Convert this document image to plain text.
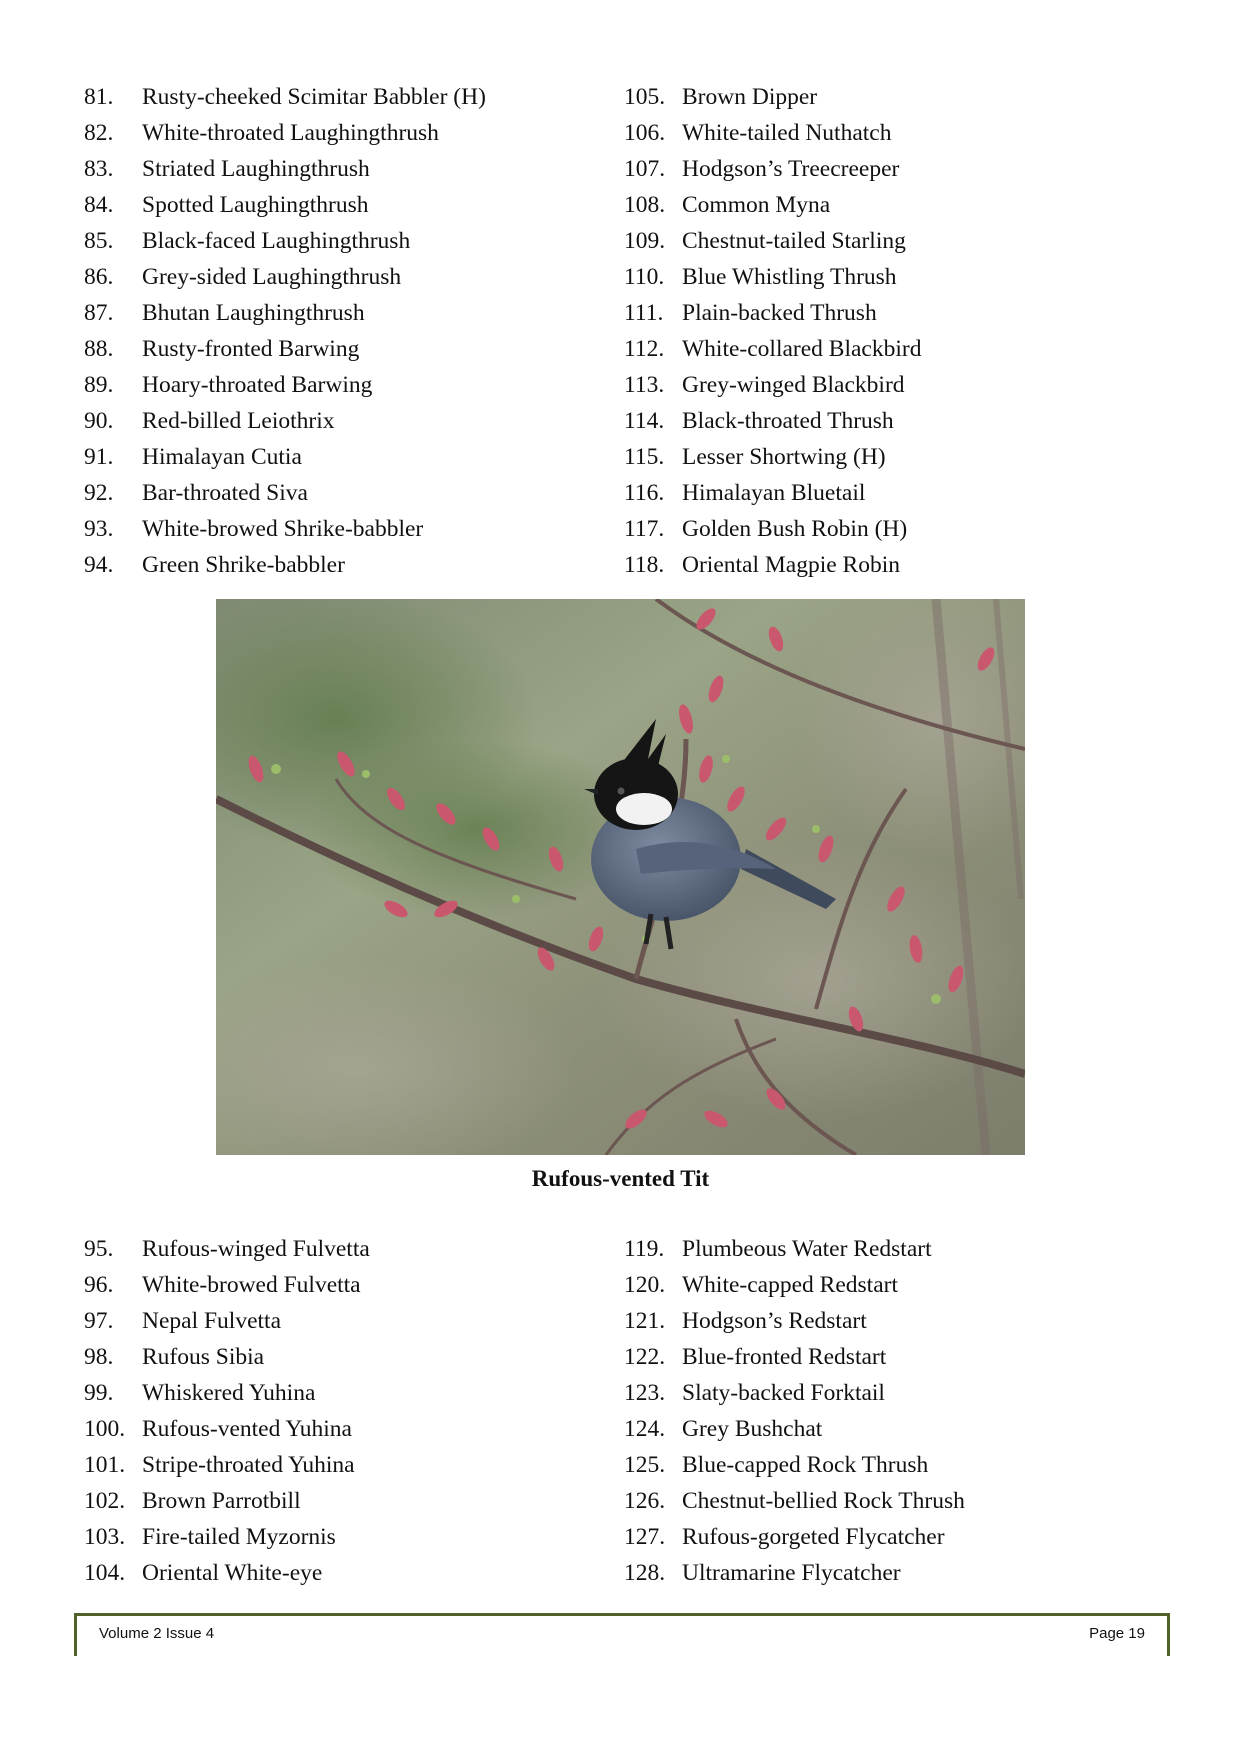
81. Rusty-cheeked Scimitar Babbler (H)
82. White-throated Laughingthrush
83. Striated Laughingthrush
84. Spotted Laughingthrush
85. Black-faced Laughingthrush
86. Grey-sided Laughingthrush
87. Bhutan Laughingthrush
88. Rusty-fronted Barwing
89. Hoary-throated Barwing
90. Red-billed Leiothrix
91. Himalayan Cutia
92. Bar-throated Siva
93. White-browed Shrike-babbler
94. Green Shrike-babbler
105. Brown Dipper
106. White-tailed Nuthatch
107. Hodgson’s Treecreeper
108. Common Myna
109. Chestnut-tailed Starling
110. Blue Whistling Thrush
111. Plain-backed Thrush
112. White-collared Blackbird
113. Grey-winged Blackbird
114. Black-throated Thrush
115. Lesser Shortwing (H)
116. Himalayan Bluetail
117. Golden Bush Robin (H)
118. Oriental Magpie Robin
Rufous-vented Tit
95. Rufous-winged Fulvetta
96. White-browed Fulvetta
97. Nepal Fulvetta
98. Rufous Sibia
99. Whiskered Yuhina
100. Rufous-vented Yuhina
101. Stripe-throated Yuhina
102. Brown Parrotbill
103. Fire-tailed Myzornis
104. Oriental White-eye
119. Plumbeous Water Redstart
120. White-capped Redstart
121. Hodgson’s Redstart
122. Blue-fronted Redstart
123. Slaty-backed Forktail
124. Grey Bushchat
125. Blue-capped Rock Thrush
126. Chestnut-bellied Rock Thrush
127. Rufous-gorgeted Flycatcher
128. Ultramarine Flycatcher
Volume 2 Issue 4	Page 19
